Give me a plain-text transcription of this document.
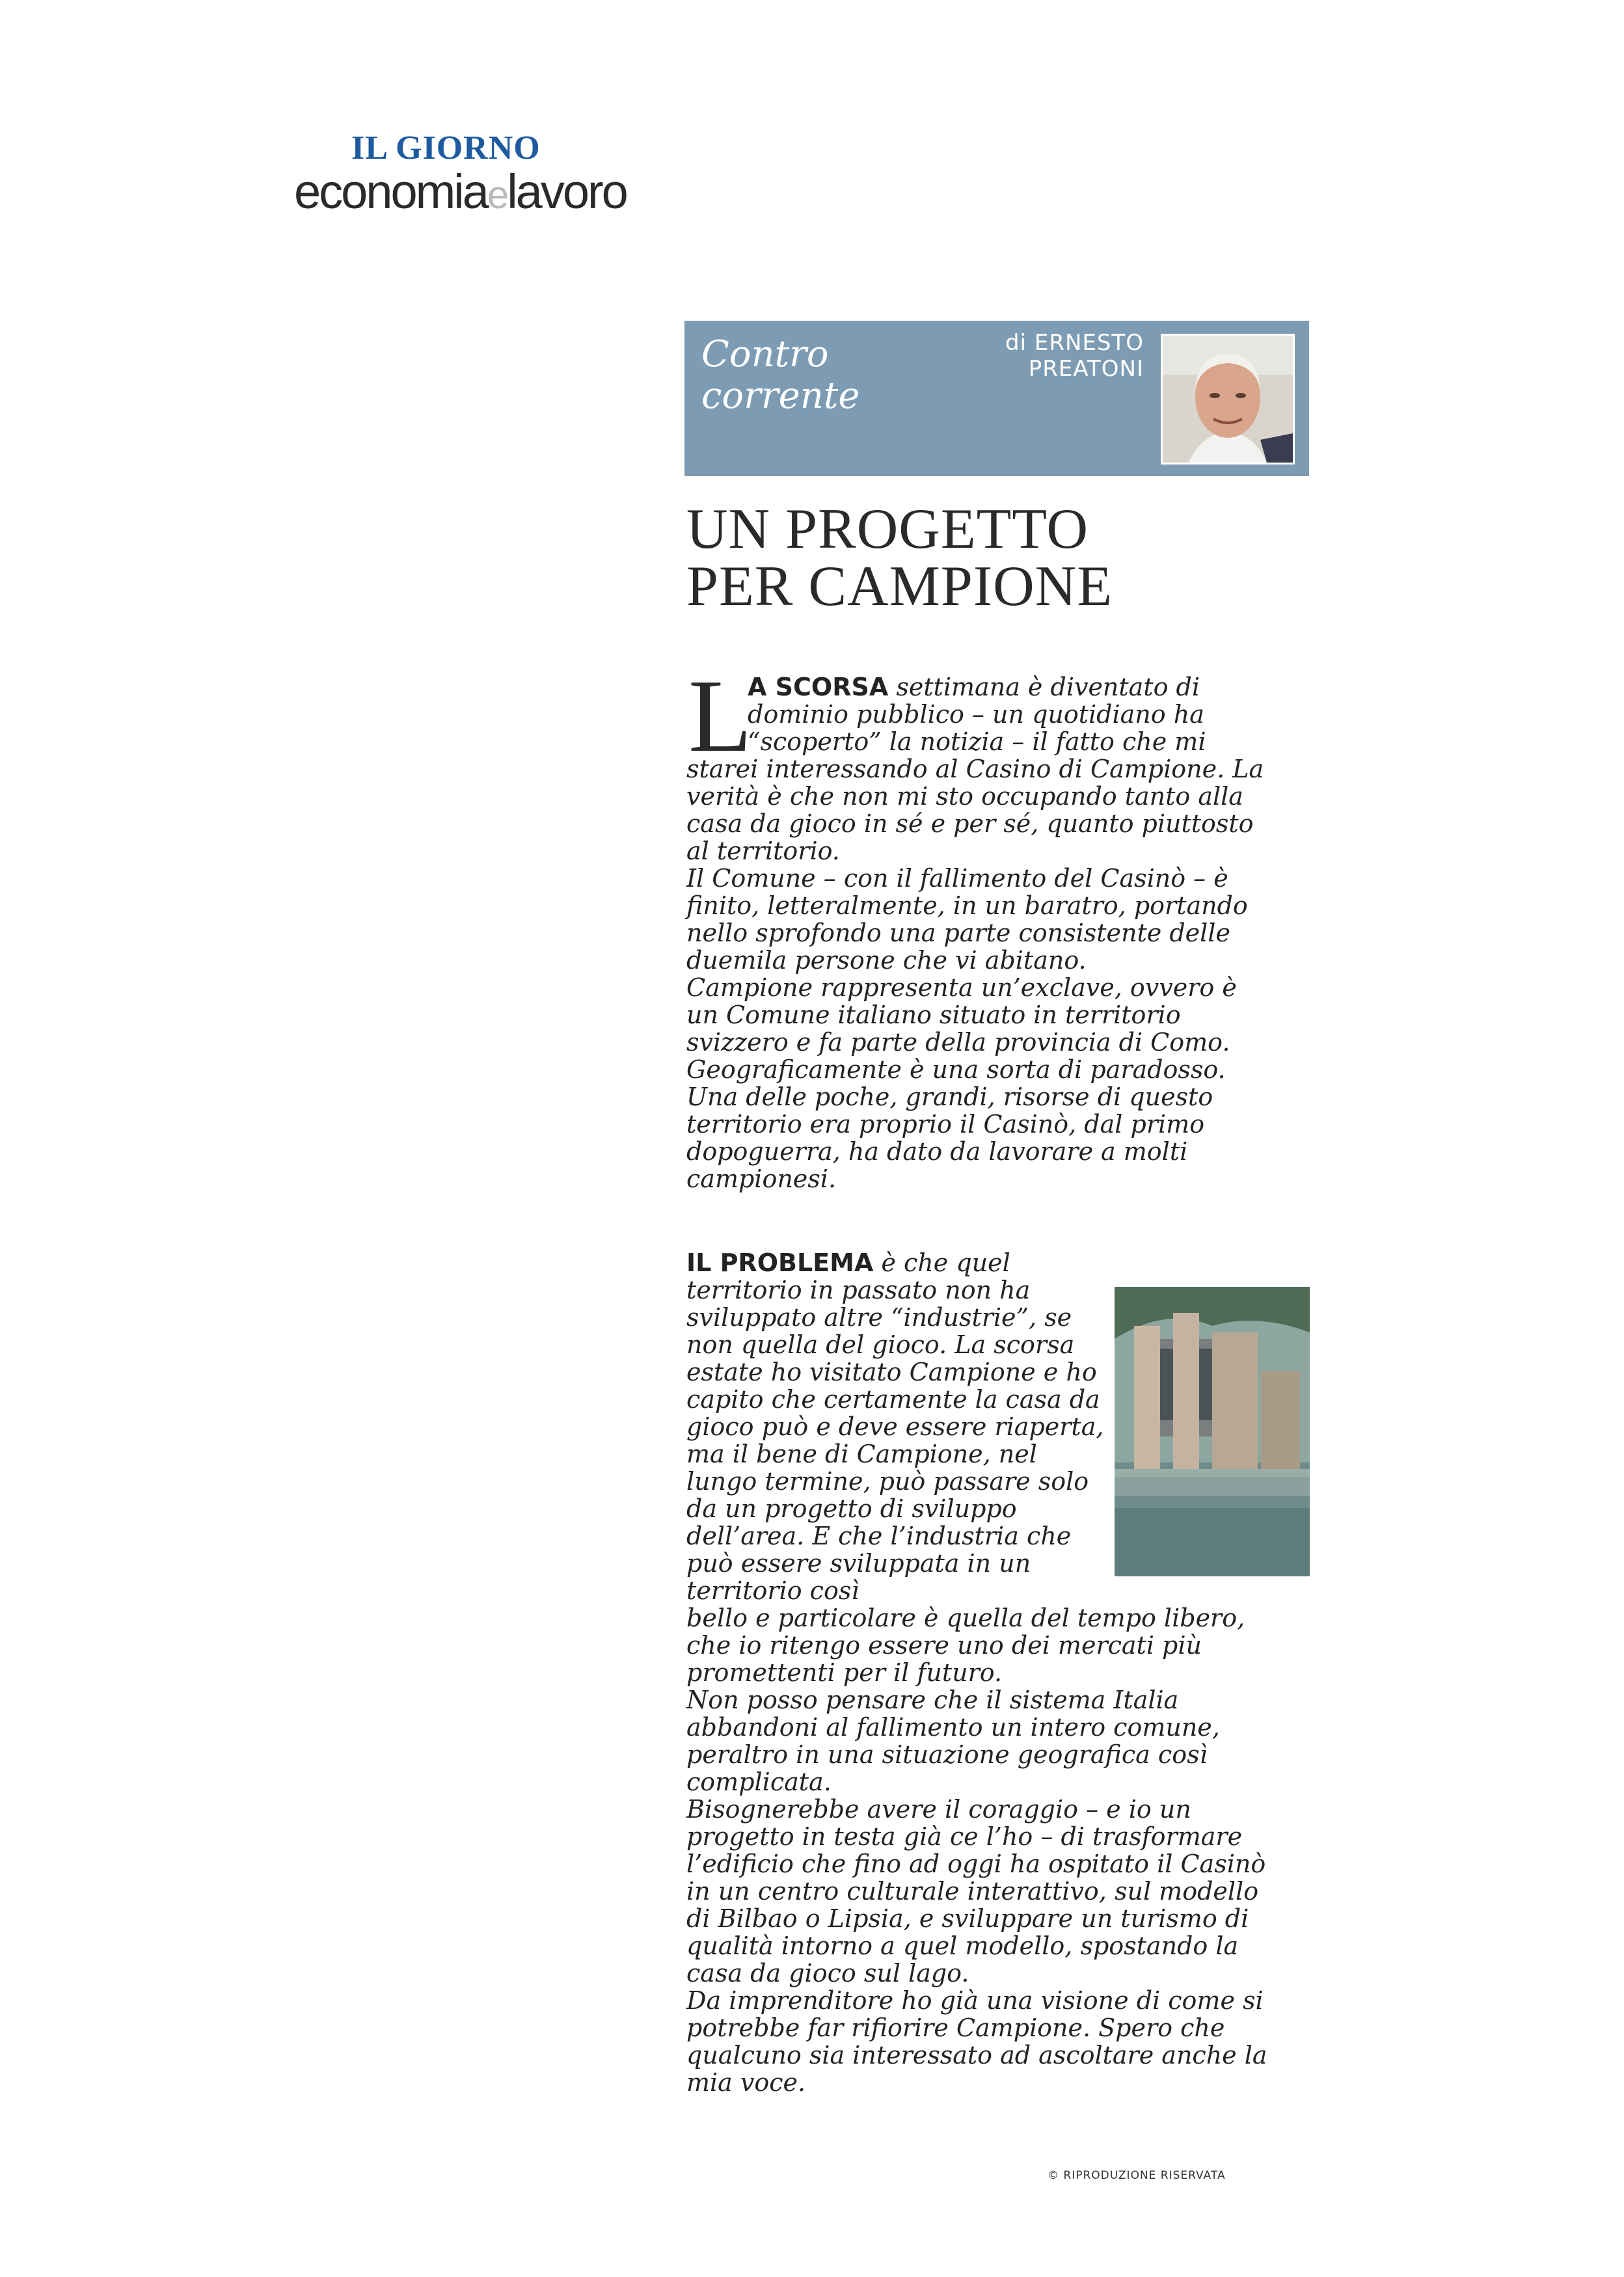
IL GIORNO
economiaelavoro
Contro
corrente
di ERNESTO
PREATONI
UN PROGETTO
PER CAMPIONE
L

A SCORSA settimana è diventato di

dominio pubblico – un quotidiano ha

“scoperto” la notizia – il fatto che mi

starei interessando al Casino di Campione. La verità è che non mi sto occupando tanto alla casa da gioco in sé e per sé, quanto piuttosto al territorio.

Il Comune – con il fallimento del Casinò – è finito, letteralmente, in un baratro, portando nello sprofondo una parte consistente delle duemila persone che vi abitano.

Campione rappresenta un’exclave, ovvero è un Comune italiano situato in territorio svizzero e fa parte della provincia di Como. Geograficamente è una sorta di paradosso. Una delle poche, grandi, risorse di questo territorio era proprio il Casinò, dal primo dopoguerra, ha dato da lavorare a molti campionesi.

IL PROBLEMA è che quel territorio in passato non ha sviluppato altre “industrie”, se non quella del gioco. La scorsa estate ho visitato Campione e ho capito che certamente la casa da gioco può e deve essere riaperta, ma il bene di Campione, nel lungo termine, può passare solo da un progetto di sviluppo dell’area. E che l’industria che può essere sviluppata in un territorio così

bello e particolare è quella del tempo libero, che io ritengo essere uno dei mercati più promettenti per il futuro.

Non posso pensare che il sistema Italia abbandoni al fallimento un intero comune, peraltro in una situazione geografica così complicata.

Bisognerebbe avere il coraggio – e io un progetto in testa già ce l’ho – di trasformare l’edificio che fino ad oggi ha ospitato il Casinò in un centro culturale interattivo, sul modello di Bilbao o Lipsia, e sviluppare un turismo di qualità intorno a quel modello, spostando la casa da gioco sul lago.

Da imprenditore ho già una visione di come si potrebbe far rifiorire Campione. Spero che qualcuno sia interessato ad ascoltare anche la mia voce.

© RIPRODUZIONE RISERVATA
